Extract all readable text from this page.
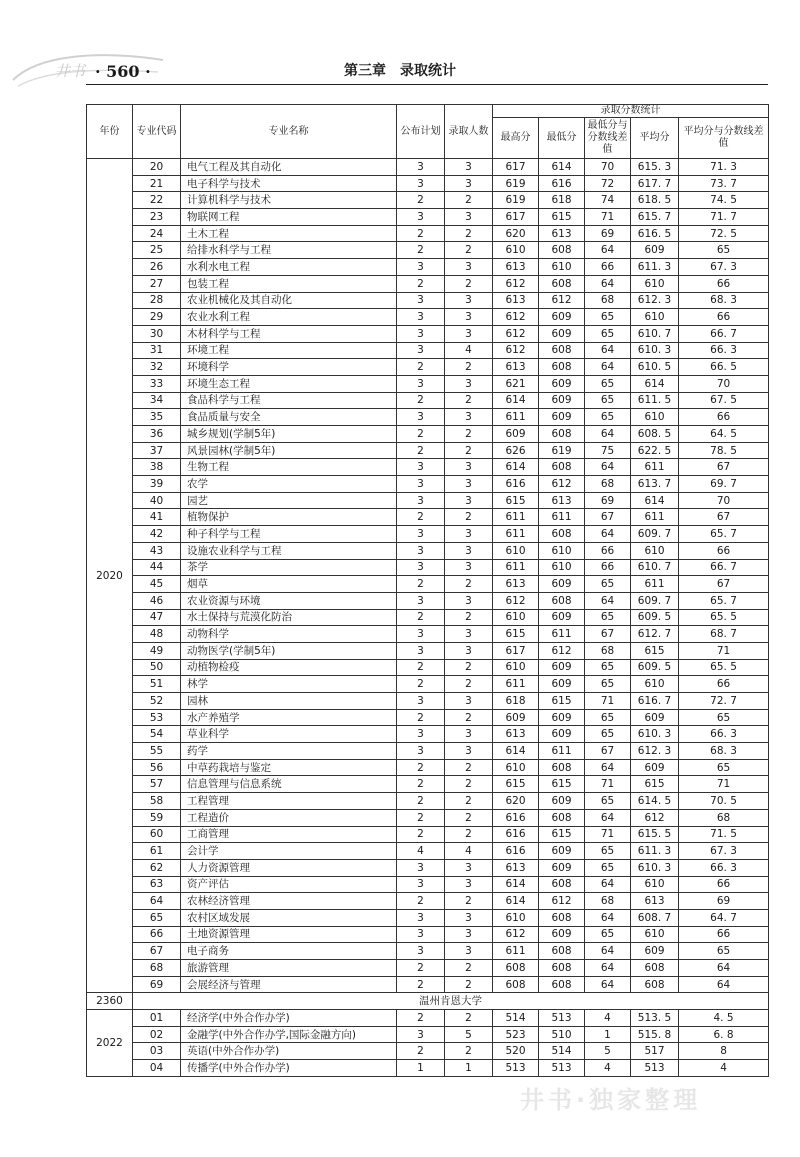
井书 · 560 ·	第三章　录取统计
年份	专业代码	专业名称	公布计划	录取人数	录取分数统计				
					最高分	最低分	最低分与分数线差值	平均分	平均分与分数线差值
2020	20	电气工程及其自动化	3	3	617	614	70	615. 3	71. 3
	21	电子科学与技术	3	3	619	616	72	617. 7	73. 7
	22	计算机科学与技术	2	2	619	618	74	618. 5	74. 5
	23	物联网工程	3	3	617	615	71	615. 7	71. 7
	24	土木工程	2	2	620	613	69	616. 5	72. 5
	25	给排水科学与工程	2	2	610	608	64	609	65
	26	水利水电工程	3	3	613	610	66	611. 3	67. 3
	27	包装工程	2	2	612	608	64	610	66
	28	农业机械化及其自动化	3	3	613	612	68	612. 3	68. 3
	29	农业水利工程	3	3	612	609	65	610	66
	30	木材科学与工程	3	3	612	609	65	610. 7	66. 7
	31	环境工程	3	4	612	608	64	610. 3	66. 3
	32	环境科学	2	2	613	608	64	610. 5	66. 5
	33	环境生态工程	3	3	621	609	65	614	70
	34	食品科学与工程	2	2	614	609	65	611. 5	67. 5
	35	食品质量与安全	3	3	611	609	65	610	66
	36	城乡规划(学制5年)	2	2	609	608	64	608. 5	64. 5
	37	风景园林(学制5年)	2	2	626	619	75	622. 5	78. 5
	38	生物工程	3	3	614	608	64	611	67
	39	农学	3	3	616	612	68	613. 7	69. 7
	40	园艺	3	3	615	613	69	614	70
	41	植物保护	2	2	611	611	67	611	67
	42	种子科学与工程	3	3	611	608	64	609. 7	65. 7
	43	设施农业科学与工程	3	3	610	610	66	610	66
	44	茶学	3	3	611	610	66	610. 7	66. 7
	45	烟草	2	2	613	609	65	611	67
	46	农业资源与环境	3	3	612	608	64	609. 7	65. 7
	47	水土保持与荒漠化防治	2	2	610	609	65	609. 5	65. 5
	48	动物科学	3	3	615	611	67	612. 7	68. 7
	49	动物医学(学制5年)	3	3	617	612	68	615	71
	50	动植物检疫	2	2	610	609	65	609. 5	65. 5
	51	林学	2	2	611	609	65	610	66
	52	园林	3	3	618	615	71	616. 7	72. 7
	53	水产养殖学	2	2	609	609	65	609	65
	54	草业科学	3	3	613	609	65	610. 3	66. 3
	55	药学	3	3	614	611	67	612. 3	68. 3
	56	中草药栽培与鉴定	2	2	610	608	64	609	65
	57	信息管理与信息系统	2	2	615	615	71	615	71
	58	工程管理	2	2	620	609	65	614. 5	70. 5
	59	工程造价	2	2	616	608	64	612	68
	60	工商管理	2	2	616	615	71	615. 5	71. 5
	61	会计学	4	4	616	609	65	611. 3	67. 3
	62	人力资源管理	3	3	613	609	65	610. 3	66. 3
	63	资产评估	3	3	614	608	64	610	66
	64	农林经济管理	2	2	614	612	68	613	69
	65	农村区域发展	3	3	610	608	64	608. 7	64. 7
	66	土地资源管理	3	3	612	609	65	610	66
	67	电子商务	3	3	611	608	64	609	65
	68	旅游管理	2	2	608	608	64	608	64
	69	会展经济与管理	2	2	608	608	64	608	64
2360	温州肯恩大学								
2022	01	经济学(中外合作办学)	2	2	514	513	4	513. 5	4. 5
	02	金融学(中外合作办学,国际金融方向)	3	5	523	510	1	515. 8	6. 8
	03	英语(中外合作办学)	2	2	520	514	5	517	8
	04	传播学(中外合作办学)	1	1	513	513	4	513	4
井书·独家整理
